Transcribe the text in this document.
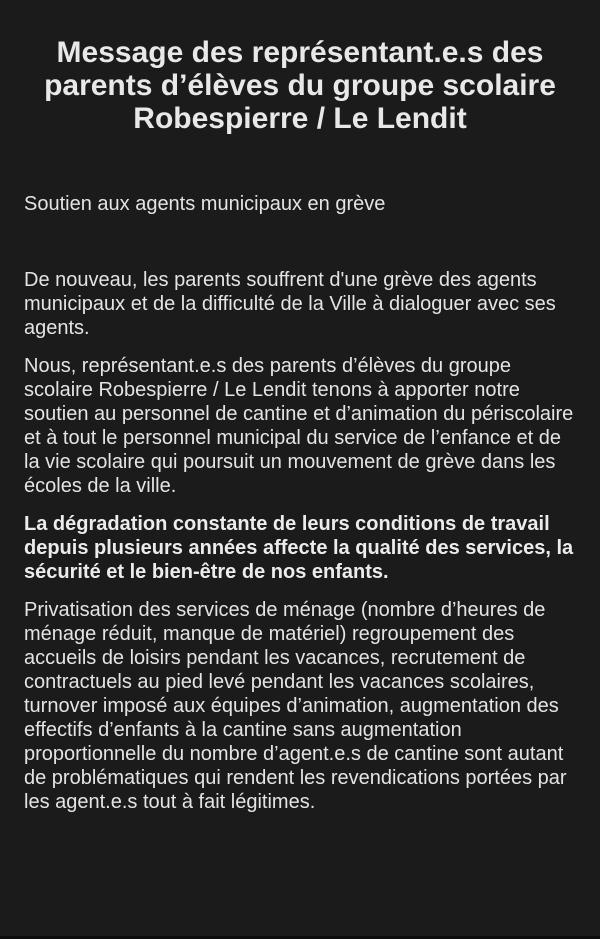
Message des représentant.e.s des parents d’élèves du groupe scolaire Robespierre / Le Lendit

Soutien aux agents municipaux en grève

De nouveau, les parents souffrent d'une grève des agents municipaux et de la difficulté de la Ville à dialoguer avec ses agents.

Nous, représentant.e.s des parents d’élèves du groupe scolaire Robespierre / Le Lendit tenons à apporter notre soutien au personnel de cantine et d’animation du périscolaire et à tout le personnel municipal du service de l’enfance et de la vie scolaire qui poursuit un mouvement de grève dans les écoles de la ville.

La dégradation constante de leurs conditions de travail depuis plusieurs années affecte la qualité des services, la sécurité et le bien-être de nos enfants.

Privatisation des services de ménage (nombre d’heures de ménage réduit, manque de matériel) regroupement des accueils de loisirs pendant les vacances, recrutement de contractuels au pied levé pendant les vacances scolaires, turnover imposé aux équipes d’animation, augmentation des effectifs d’enfants à la cantine sans augmentation proportionnelle du nombre d’agent.e.s de cantine sont autant de problématiques qui rendent les revendications portées par les agent.e.s tout à fait légitimes.
